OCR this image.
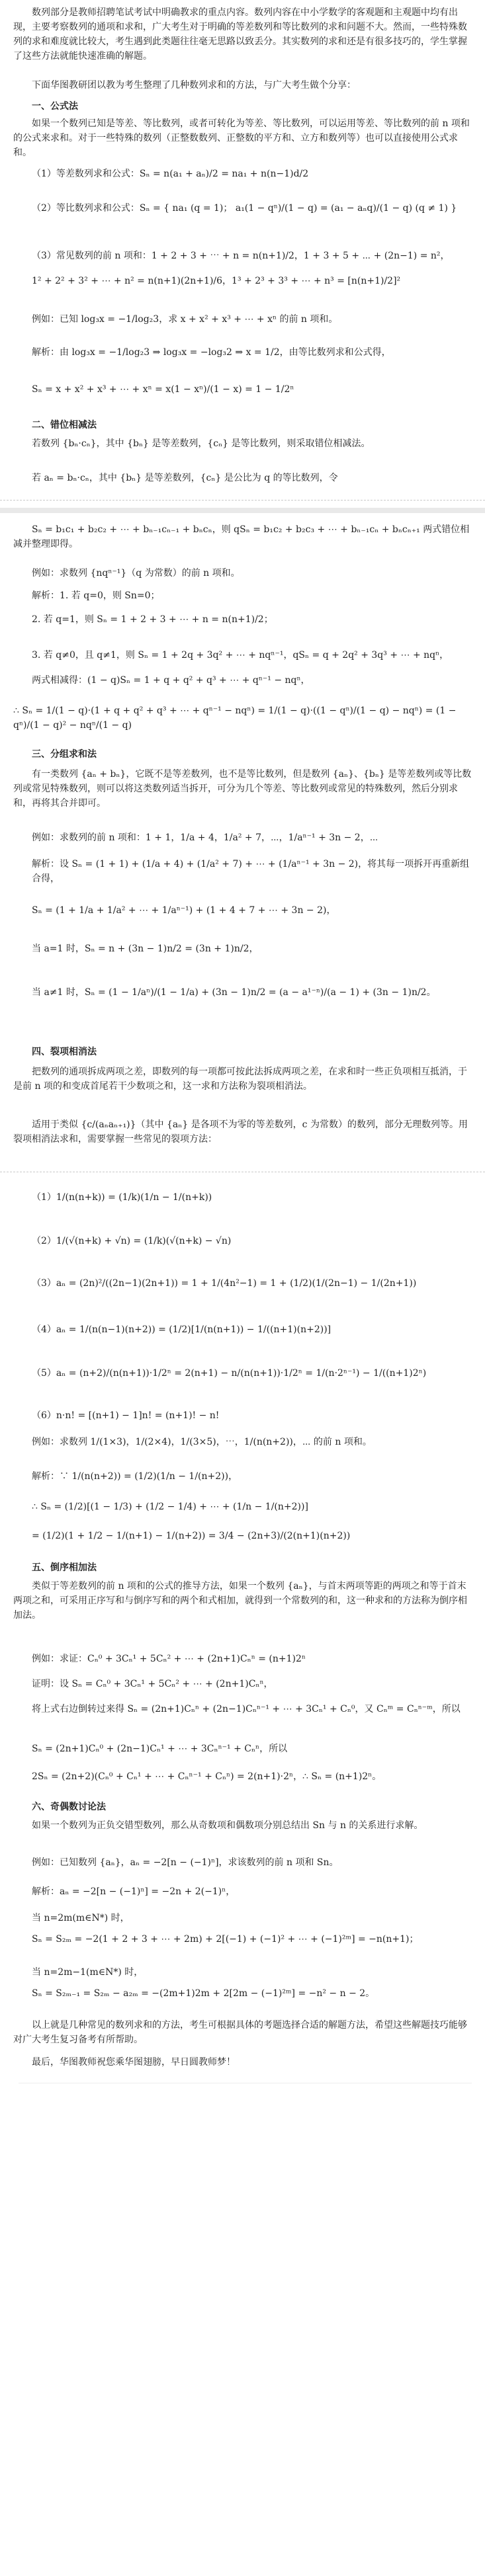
数列部分是教师招聘笔试考试中明确教求的重点内容。数列内容在中小学数学的客观题和主观题中均有出现，主要考察数列的通项和求和，广大考生对于明确的等差数列和等比数列的求和问题不大。然而，一些特殊数列的求和难度就比较大，考生遇到此类题往往毫无思路以致丢分。其实数列的求和还是有很多技巧的，学生掌握了这些方法就能快速准确的解题。
下面华图教研团以教为考生整理了几种数列求和的方法，与广大考生做个分享：
一、公式法
如果一个数列已知是等差、等比数列，或者可转化为等差、等比数列，可以运用等差、等比数列的前 n 项和的公式来求和。对于一些特殊的数列（正整数数列、正整数的平方和、立方和数列等）也可以直接使用公式求和。
（1）等差数列求和公式：Sₙ = n(a₁ + aₙ)/2 = na₁ + n(n−1)d/2
（2）等比数列求和公式：Sₙ = { na₁ (q = 1)； a₁(1 − qⁿ)/(1 − q) = (a₁ − aₙq)/(1 − q) (q ≠ 1) }
（3）常见数列的前 n 项和：1 + 2 + 3 + ⋯ + n = n(n+1)/2，1 + 3 + 5 + ⋯ + (2n−1) = n²，
1² + 2² + 3² + ⋯ + n² = n(n+1)(2n+1)/6，1³ + 2³ + 3³ + ⋯ + n³ = [n(n+1)/2]²
例如：已知 log₃x = −1/log₂3，求 x + x² + x³ + ⋯ + xⁿ 的前 n 项和。
解析：由 log₃x = −1/log₂3 ⇒ log₃x = −log₃2 ⇒ x = 1/2，由等比数列求和公式得，
Sₙ = x + x² + x³ + ⋯ + xⁿ = x(1 − xⁿ)/(1 − x) = 1 − 1/2ⁿ
二、错位相减法
若数列 {bₙ·cₙ}，其中 {bₙ} 是等差数列，{cₙ} 是等比数列，则采取错位相减法。
若 aₙ = bₙ·cₙ，其中 {bₙ} 是等差数列，{cₙ} 是公比为 q 的等比数列，令
Sₙ = b₁c₁ + b₂c₂ + ⋯ + bₙ₋₁cₙ₋₁ + bₙcₙ，则 qSₙ = b₁c₂ + b₂c₃ + ⋯ + bₙ₋₁cₙ + bₙcₙ₊₁ 两式错位相减并整理即得。
例如：求数列 {nqⁿ⁻¹}（q 为常数）的前 n 项和。
解析：1. 若 q=0，则 Sn=0；
2. 若 q=1，则 Sₙ = 1 + 2 + 3 + ⋯ + n = n(n+1)/2；
3. 若 q≠0，且 q≠1，则 Sₙ = 1 + 2q + 3q² + ⋯ + nqⁿ⁻¹，qSₙ = q + 2q² + 3q³ + ⋯ + nqⁿ，
两式相减得：(1 − q)Sₙ = 1 + q + q² + q³ + ⋯ + qⁿ⁻¹ − nqⁿ，
∴ Sₙ = 1/(1 − q)·(1 + q + q² + q³ + ⋯ + qⁿ⁻¹ − nqⁿ) = 1/(1 − q)·((1 − qⁿ)/(1 − q) − nqⁿ) = (1 − qⁿ)/(1 − q)² − nqⁿ/(1 − q)
三、分组求和法
有一类数列 {aₙ + bₙ}，它既不是等差数列，也不是等比数列，但是数列 {aₙ}、{bₙ} 是等差数列或等比数列或常见特殊数列，则可以将这类数列适当拆开，可分为几个等差、等比数列或常见的特殊数列，然后分别求和，再将其合并即可。
例如：求数列的前 n 项和：1 + 1，1/a + 4，1/a² + 7，⋯，1/aⁿ⁻¹ + 3n − 2，⋯
解析：设 Sₙ = (1 + 1) + (1/a + 4) + (1/a² + 7) + ⋯ + (1/aⁿ⁻¹ + 3n − 2)，将其每一项拆开再重新组合得，
Sₙ = (1 + 1/a + 1/a² + ⋯ + 1/aⁿ⁻¹) + (1 + 4 + 7 + ⋯ + 3n − 2)，
当 a=1 时，Sₙ = n + (3n − 1)n/2 = (3n + 1)n/2，
当 a≠1 时，Sₙ = (1 − 1/aⁿ)/(1 − 1/a) + (3n − 1)n/2 = (a − a¹⁻ⁿ)/(a − 1) + (3n − 1)n/2。
四、裂项相消法
把数列的通项拆成两项之差，即数列的每一项都可按此法拆成两项之差，在求和时一些正负项相互抵消，于是前 n 项的和变成首尾若干少数项之和，这一求和方法称为裂项相消法。
适用于类似 {c/(aₙaₙ₊₁)}（其中 {aₙ} 是各项不为零的等差数列，c 为常数）的数列，部分无理数列等。用裂项相消法求和，需要掌握一些常见的裂项方法：
（1）1/(n(n+k)) = (1/k)(1/n − 1/(n+k))
（2）1/(√(n+k) + √n) = (1/k)(√(n+k) − √n)
（3）aₙ = (2n)²/((2n−1)(2n+1)) = 1 + 1/(4n²−1) = 1 + (1/2)(1/(2n−1) − 1/(2n+1))
（4）aₙ = 1/(n(n−1)(n+2)) = (1/2)[1/(n(n+1)) − 1/((n+1)(n+2))]
（5）aₙ = (n+2)/(n(n+1))·1/2ⁿ = 2(n+1) − n/(n(n+1))·1/2ⁿ = 1/(n·2ⁿ⁻¹) − 1/((n+1)2ⁿ)
（6）n·n! = [(n+1) − 1]n! = (n+1)! − n!
例如：求数列 1/(1×3)，1/(2×4)，1/(3×5)，⋯，1/(n(n+2))，⋯ 的前 n 项和。
解析：∵ 1/(n(n+2)) = (1/2)(1/n − 1/(n+2))，
∴ Sₙ = (1/2)[(1 − 1/3) + (1/2 − 1/4) + ⋯ + (1/n − 1/(n+2))]
= (1/2)(1 + 1/2 − 1/(n+1) − 1/(n+2)) = 3/4 − (2n+3)/(2(n+1)(n+2))
五、倒序相加法
类似于等差数列的前 n 项和的公式的推导方法，如果一个数列 {aₙ}，与首末两项等距的两项之和等于首末两项之和，可采用正序写和与倒序写和的两个和式相加，就得到一个常数列的和，这一种求和的方法称为倒序相加法。
例如：求证：Cₙ⁰ + 3Cₙ¹ + 5Cₙ² + ⋯ + (2n+1)Cₙⁿ = (n+1)2ⁿ
证明：设 Sₙ = Cₙ⁰ + 3Cₙ¹ + 5Cₙ² + ⋯ + (2n+1)Cₙⁿ，
将上式右边倒转过来得 Sₙ = (2n+1)Cₙⁿ + (2n−1)Cₙⁿ⁻¹ + ⋯ + 3Cₙ¹ + Cₙ⁰，又 Cₙᵐ = Cₙⁿ⁻ᵐ，所以
Sₙ = (2n+1)Cₙ⁰ + (2n−1)Cₙ¹ + ⋯ + 3Cₙⁿ⁻¹ + Cₙⁿ，所以
2Sₙ = (2n+2)(Cₙ⁰ + Cₙ¹ + ⋯ + Cₙⁿ⁻¹ + Cₙⁿ) = 2(n+1)·2ⁿ，∴ Sₙ = (n+1)2ⁿ。
六、奇偶数讨论法
如果一个数列为正负交错型数列，那么从奇数项和偶数项分别总结出 Sn 与 n 的关系进行求解。
例如：已知数列 {aₙ}，aₙ = −2[n − (−1)ⁿ]，求该数列的前 n 项和 Sn。
解析：aₙ = −2[n − (−1)ⁿ] = −2n + 2(−1)ⁿ，
当 n=2m(m∈N*) 时，
Sₙ = S₂ₘ = −2(1 + 2 + 3 + ⋯ + 2m) + 2[(−1) + (−1)² + ⋯ + (−1)²ᵐ] = −n(n+1)；
当 n=2m−1(m∈N*) 时，
Sₙ = S₂ₘ₋₁ = S₂ₘ − a₂ₘ = −(2m+1)2m + 2[2m − (−1)²ᵐ] = −n² − n − 2。
以上就是几种常见的数列求和的方法，考生可根据具体的考题选择合适的解题方法，希望这些解题技巧能够对广大考生复习备考有所帮助。
最后，华图教师祝您乘华图翅膀，早日圆教师梦！
